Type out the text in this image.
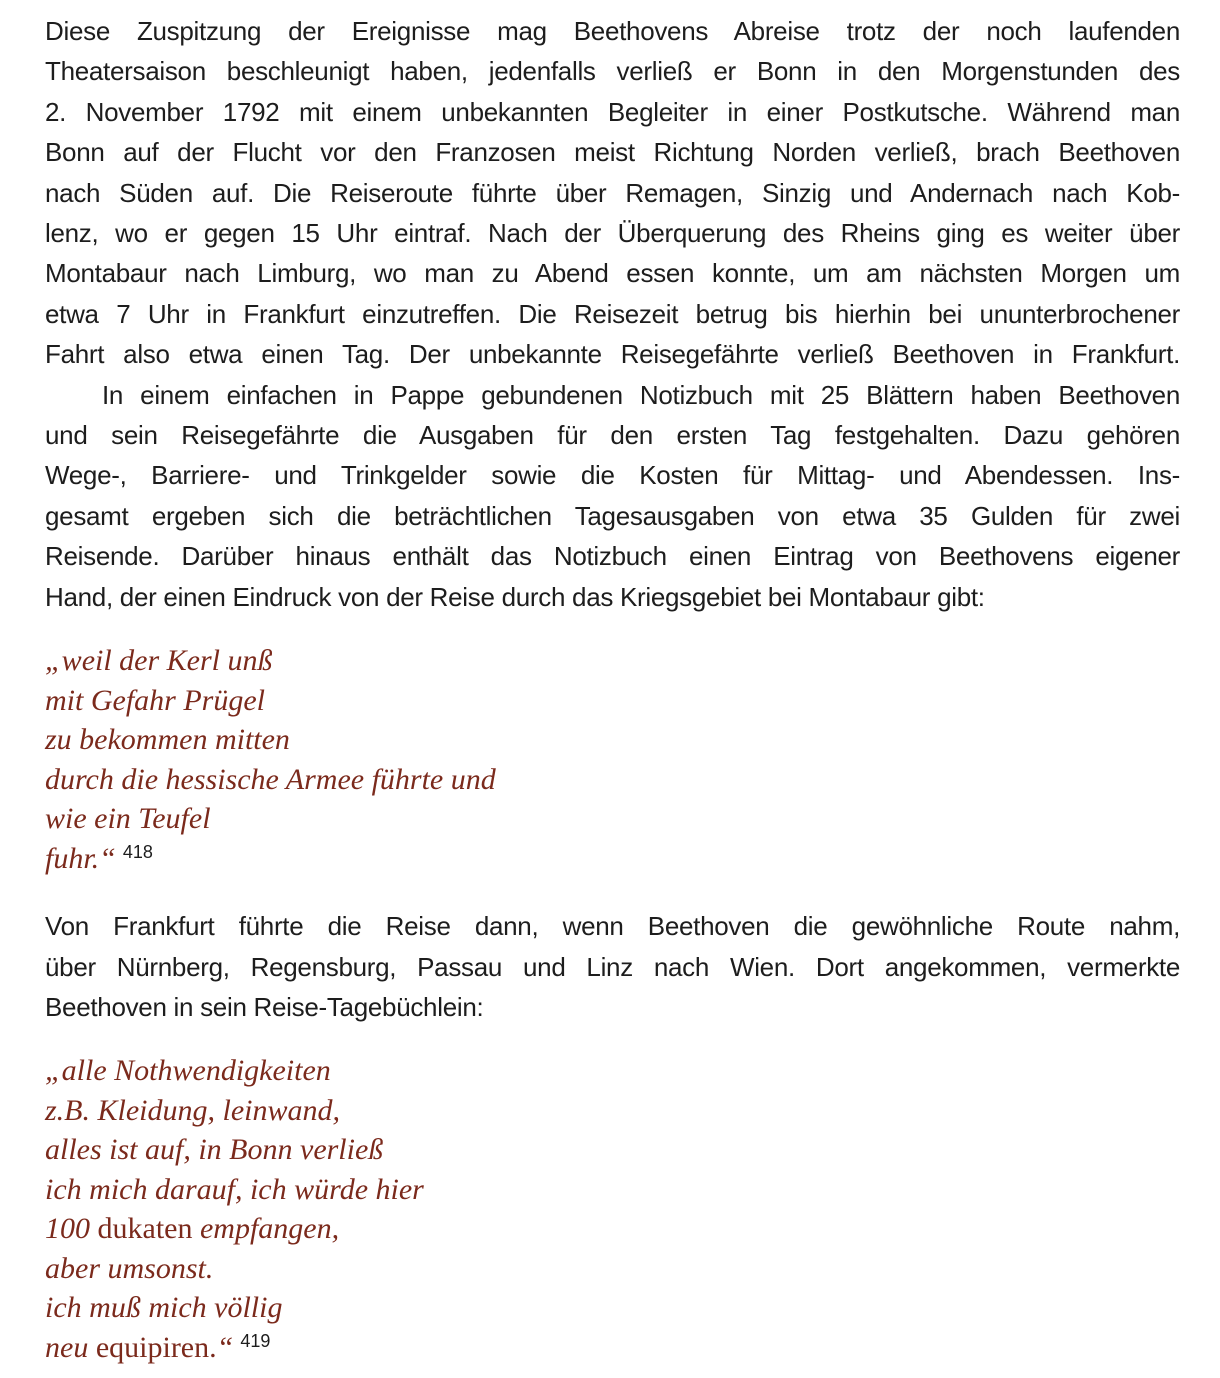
Diese Zuspitzung der Ereignisse mag Beethovens Abreise trotz der noch laufenden
Theatersaison beschleunigt haben, jedenfalls verließ er Bonn in den Morgenstunden des
2. November 1792 mit einem unbekannten Begleiter in einer Postkutsche. Während man
Bonn auf der Flucht vor den Franzosen meist Richtung Norden verließ, brach Beethoven
nach Süden auf. Die Reiseroute führte über Remagen, Sinzig und Andernach nach Kob-
lenz, wo er gegen 15 Uhr eintraf. Nach der Überquerung des Rheins ging es weiter über
Montabaur nach Limburg, wo man zu Abend essen konnte, um am nächsten Morgen um
etwa 7 Uhr in Frankfurt einzutreffen. Die Reisezeit betrug bis hierhin bei ununterbrochener
Fahrt also etwa einen Tag. Der unbekannte Reisegefährte verließ Beethoven in Frankfurt.
In einem einfachen in Pappe gebundenen Notizbuch mit 25 Blättern haben Beethoven
und sein Reisegefährte die Ausgaben für den ersten Tag festgehalten. Dazu gehören
Wege-, Barriere- und Trinkgelder sowie die Kosten für Mittag- und Abendessen. Ins-
gesamt ergeben sich die beträchtlichen Tagesausgaben von etwa 35 Gulden für zwei
Reisende. Darüber hinaus enthält das Notizbuch einen Eintrag von Beethovens eigener
Hand, der einen Eindruck von der Reise durch das Kriegsgebiet bei Montabaur gibt:
„weil der Kerl unß
mit Gefahr Prügel
zu bekommen mitten
durch die hessische Armee führte und
wie ein Teufel
fuhr.“ $^{418}$
Von Frankfurt führte die Reise dann, wenn Beethoven die gewöhnliche Route nahm,
über Nürnberg, Regensburg, Passau und Linz nach Wien. Dort angekommen, vermerkte
Beethoven in sein Reise-Tagebüchlein:
„alle Nothwendigkeiten
z.B. Kleidung, leinwand,
alles ist auf, in Bonn verließ
ich mich darauf, ich würde hier
100 dukaten empfangen,
aber umsonst.
ich muß mich völlig
neu equipiren.“ $^{419}$
